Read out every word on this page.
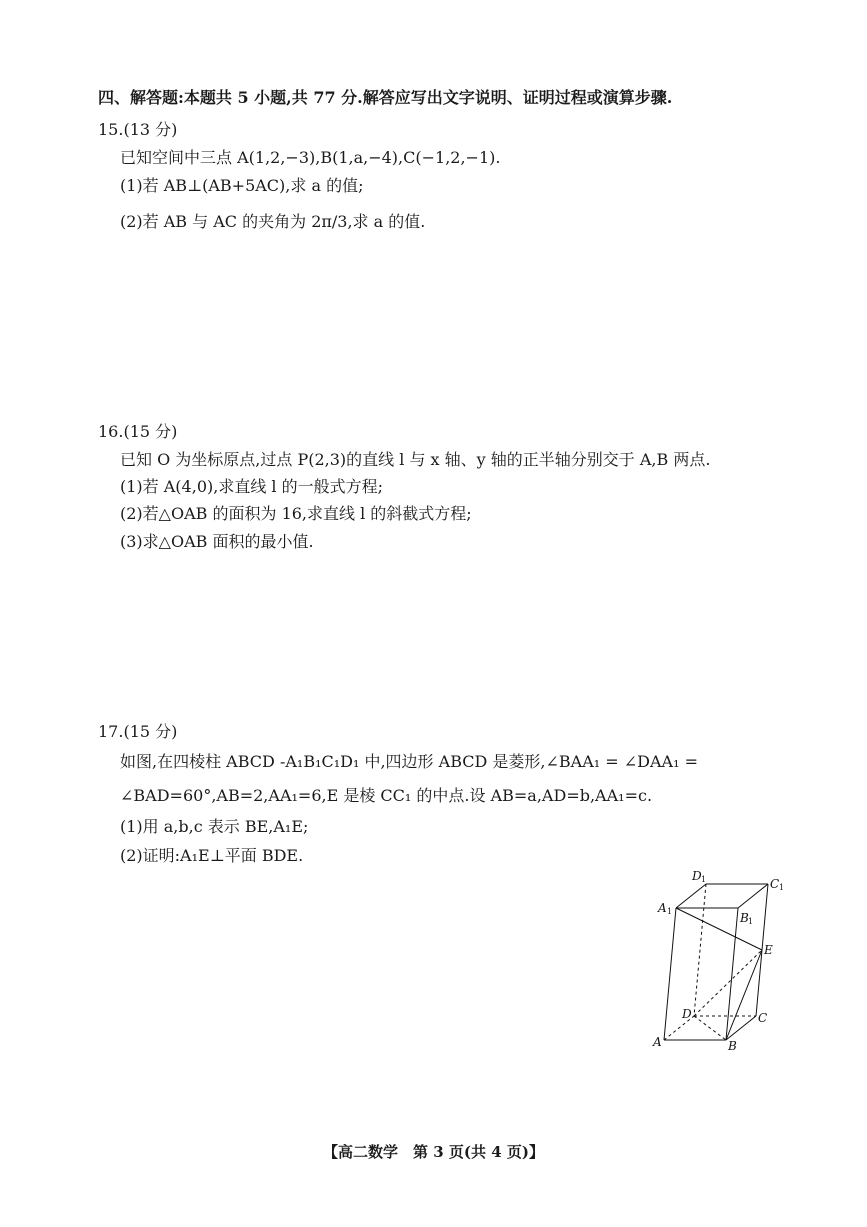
四、解答题:本题共 5 小题,共 77 分.解答应写出文字说明、证明过程或演算步骤.
15.(13 分)
已知空间中三点 A(1,2,−3),B(1,a,−4),C(−1,2,−1).
(1)若 AB⊥(AB+5AC),求 a 的值;
(2)若 AB 与 AC 的夹角为 2π/3,求 a 的值.
16.(15 分)
已知 O 为坐标原点,过点 P(2,3)的直线 l 与 x 轴、y 轴的正半轴分别交于 A,B 两点.
(1)若 A(4,0),求直线 l 的一般式方程;
(2)若△OAB 的面积为 16,求直线 l 的斜截式方程;
(3)求△OAB 面积的最小值.
17.(15 分)
如图,在四棱柱 ABCD -A₁B₁C₁D₁ 中,四边形 ABCD 是菱形,∠BAA₁ = ∠DAA₁ =
∠BAD=60°,AB=2,AA₁=6,E 是棱 CC₁ 的中点.设 AB=a,AD=b,AA₁=c.
(1)用 a,b,c 表示 BE,A₁E;
(2)证明:A₁E⊥平面 BDE.
D 1	C 1
A 1	B 1
E
D	C
A	B
【高二数学　第 3 页(共 4 页)】
